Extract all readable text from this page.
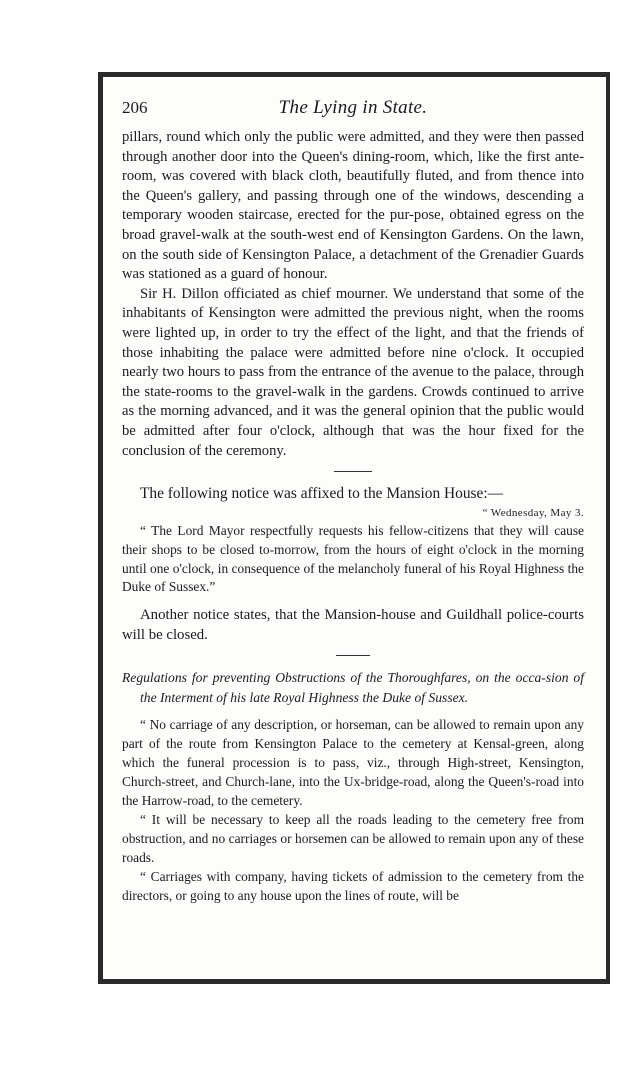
206	The Lying in State.

pillars, round which only the public were admitted, and they were then passed through another door into the Queen's dining-room, which, like the first ante-room, was covered with black cloth, beautifully fluted, and from thence into the Queen's gallery, and passing through one of the windows, descending a temporary wooden staircase, erected for the pur-pose, obtained egress on the broad gravel-walk at the south-west end of Kensington Gardens. On the lawn, on the south side of Kensington Palace, a detachment of the Grenadier Guards was stationed as a guard of honour.

Sir H. Dillon officiated as chief mourner. We understand that some of the inhabitants of Kensington were admitted the previous night, when the rooms were lighted up, in order to try the effect of the light, and that the friends of those inhabiting the palace were admitted before nine o'clock. It occupied nearly two hours to pass from the entrance of the avenue to the palace, through the state-rooms to the gravel-walk in the gardens. Crowds continued to arrive as the morning advanced, and it was the general opinion that the public would be admitted after four o'clock, although that was the hour fixed for the conclusion of the ceremony.

The following notice was affixed to the Mansion House:—

“ Wednesday, May 3.

“ The Lord Mayor respectfully requests his fellow-citizens that they will cause their shops to be closed to-morrow, from the hours of eight o'clock in the morning until one o'clock, in consequence of the melancholy funeral of his Royal Highness the Duke of Sussex.”

Another notice states, that the Mansion-house and Guildhall police-courts will be closed.

Regulations for preventing Obstructions of the Thoroughfares, on the occa-sion of the Interment of his late Royal Highness the Duke of Sussex.

“ No carriage of any description, or horseman, can be allowed to remain upon any part of the route from Kensington Palace to the cemetery at Kensal-green, along which the funeral procession is to pass, viz., through High-street, Kensington, Church-street, and Church-lane, into the Ux-bridge-road, along the Queen's-road into the Harrow-road, to the cemetery.

“ It will be necessary to keep all the roads leading to the cemetery free from obstruction, and no carriages or horsemen can be allowed to remain upon any of these roads.

“ Carriages with company, having tickets of admission to the cemetery from the directors, or going to any house upon the lines of route, will be
